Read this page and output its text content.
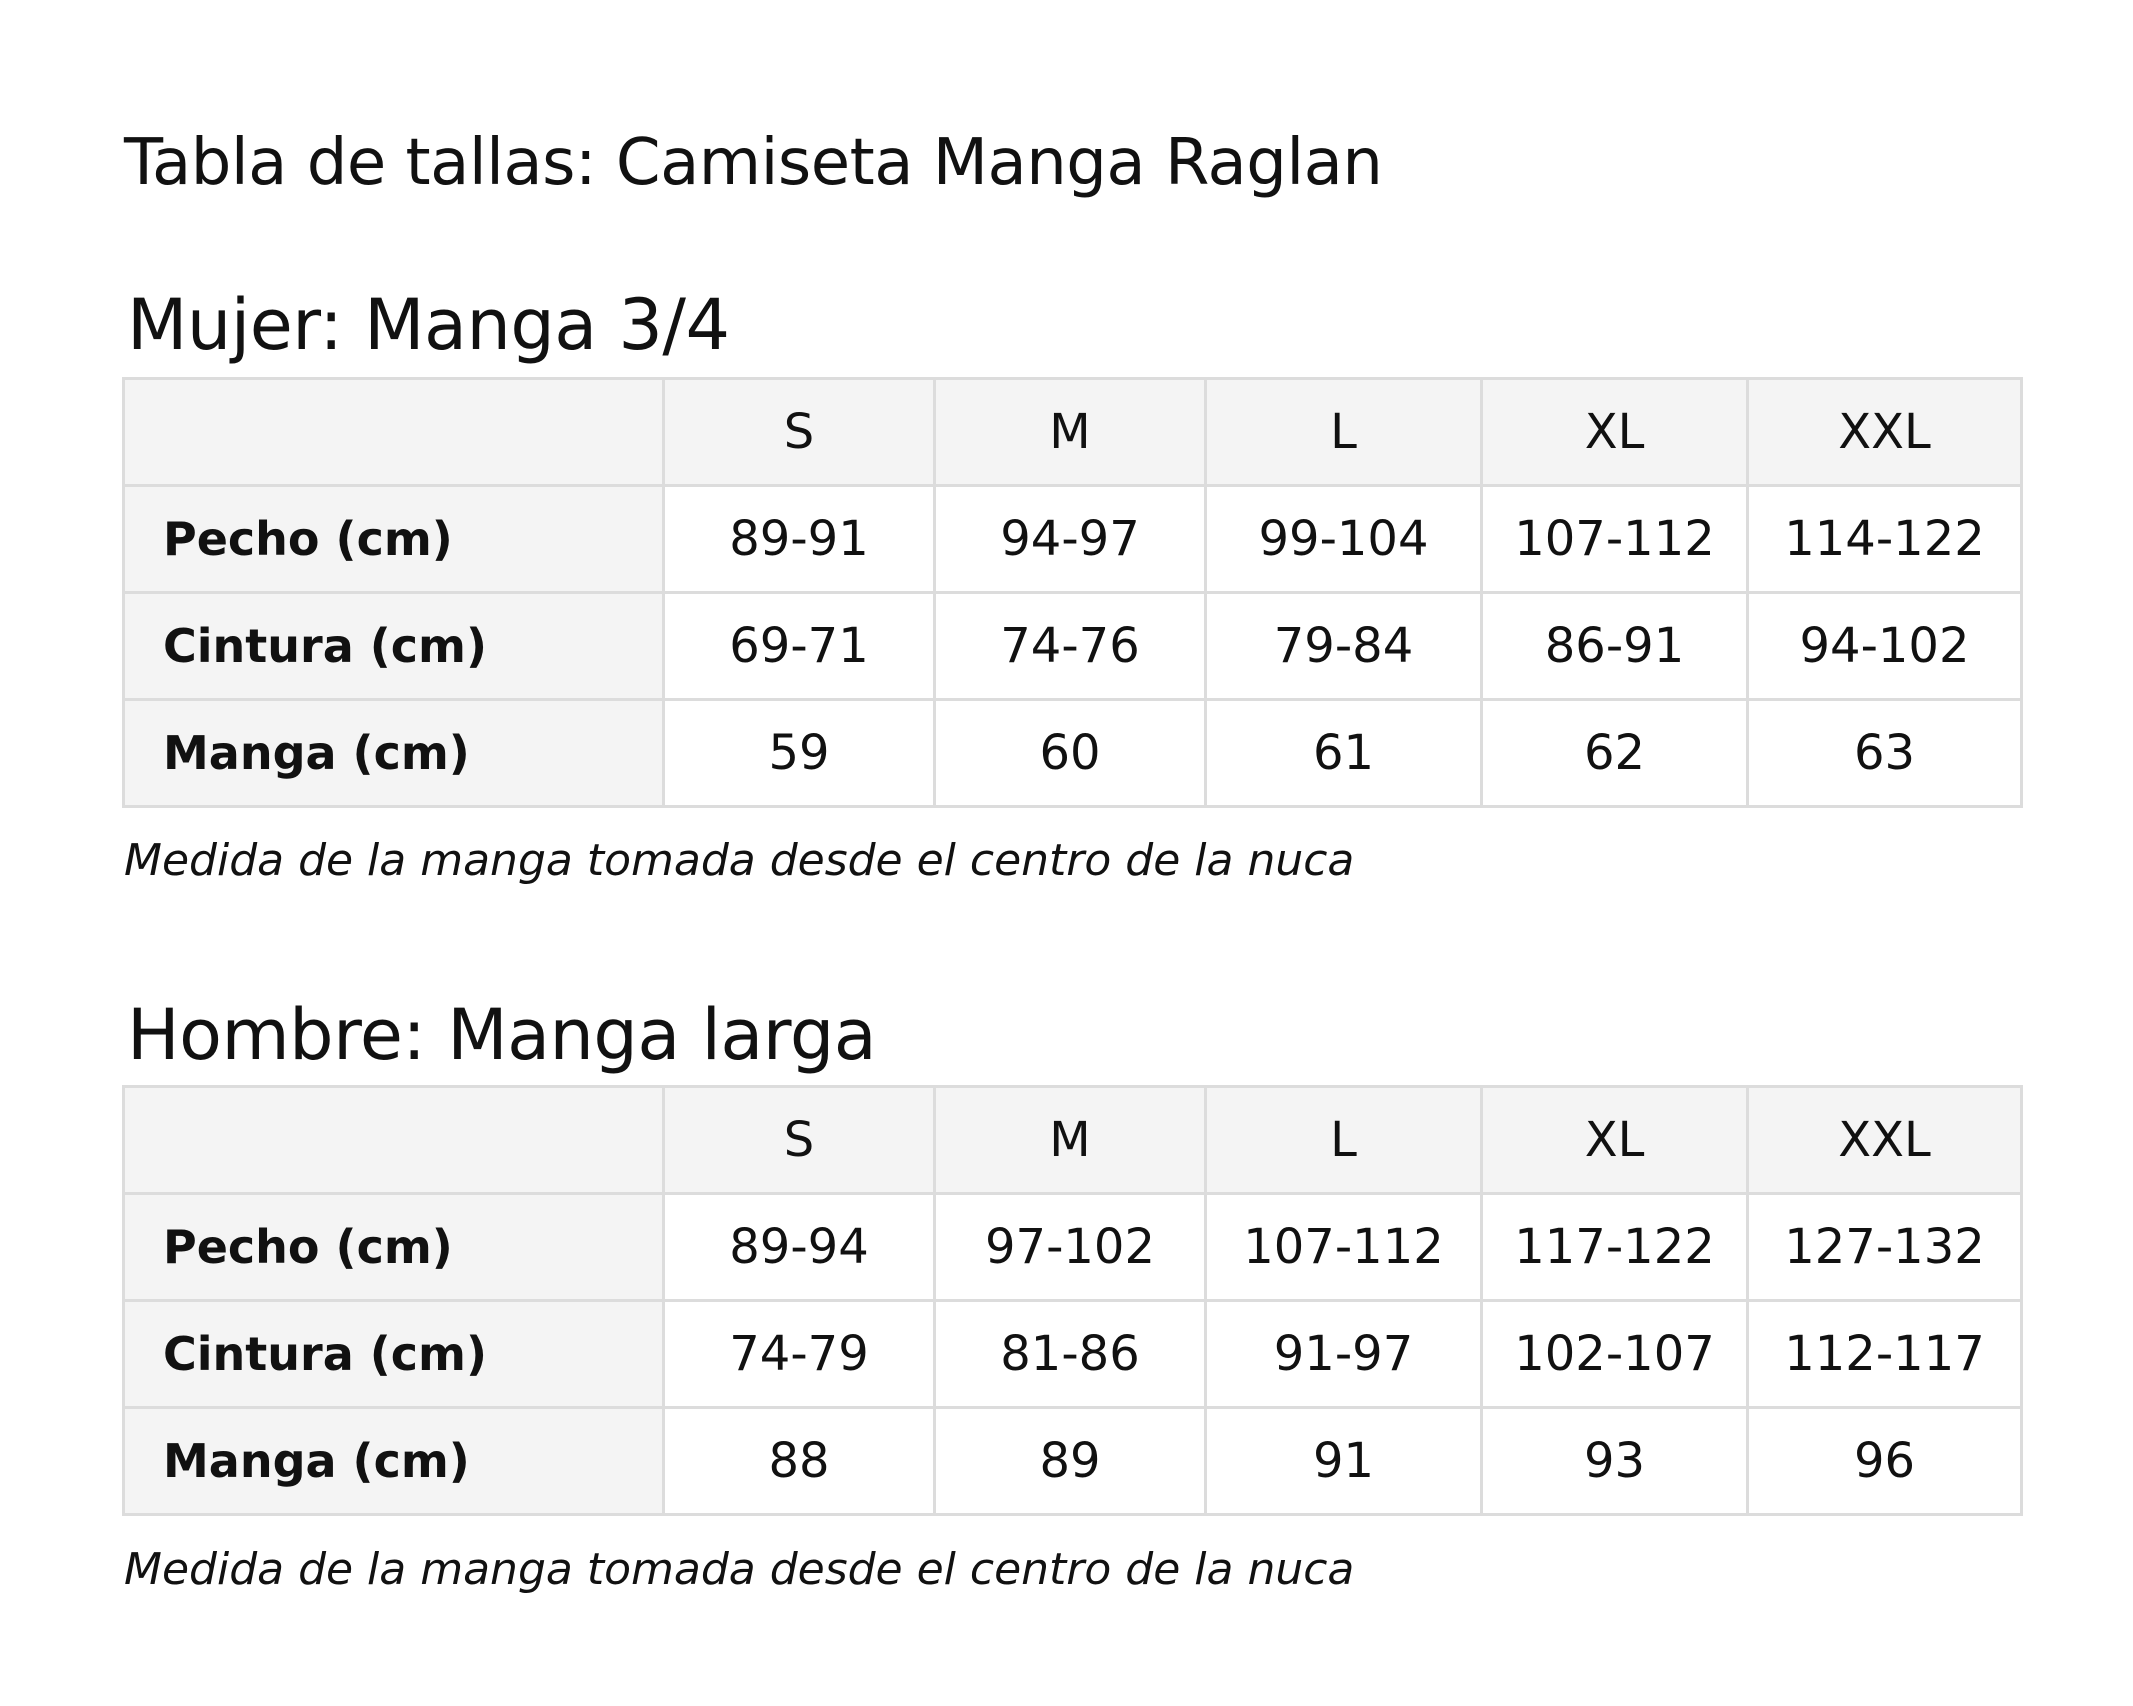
Tabla de tallas: Camiseta Manga Raglan
Mujer: Manga 3/4
	S	M	L	XL	XXL
Pecho (cm)	89-91	94-97	99-104	107-112	114-122
Cintura (cm)	69-71	74-76	79-84	86-91	94-102
Manga (cm)	59	60	61	62	63

Medida de la manga tomada desde el centro de la nuca

Hombre: Manga larga
	S	M	L	XL	XXL
Pecho (cm)	89-94	97-102	107-112	117-122	127-132
Cintura (cm)	74-79	81-86	91-97	102-107	112-117
Manga (cm)	88	89	91	93	96

Medida de la manga tomada desde el centro de la nuca
